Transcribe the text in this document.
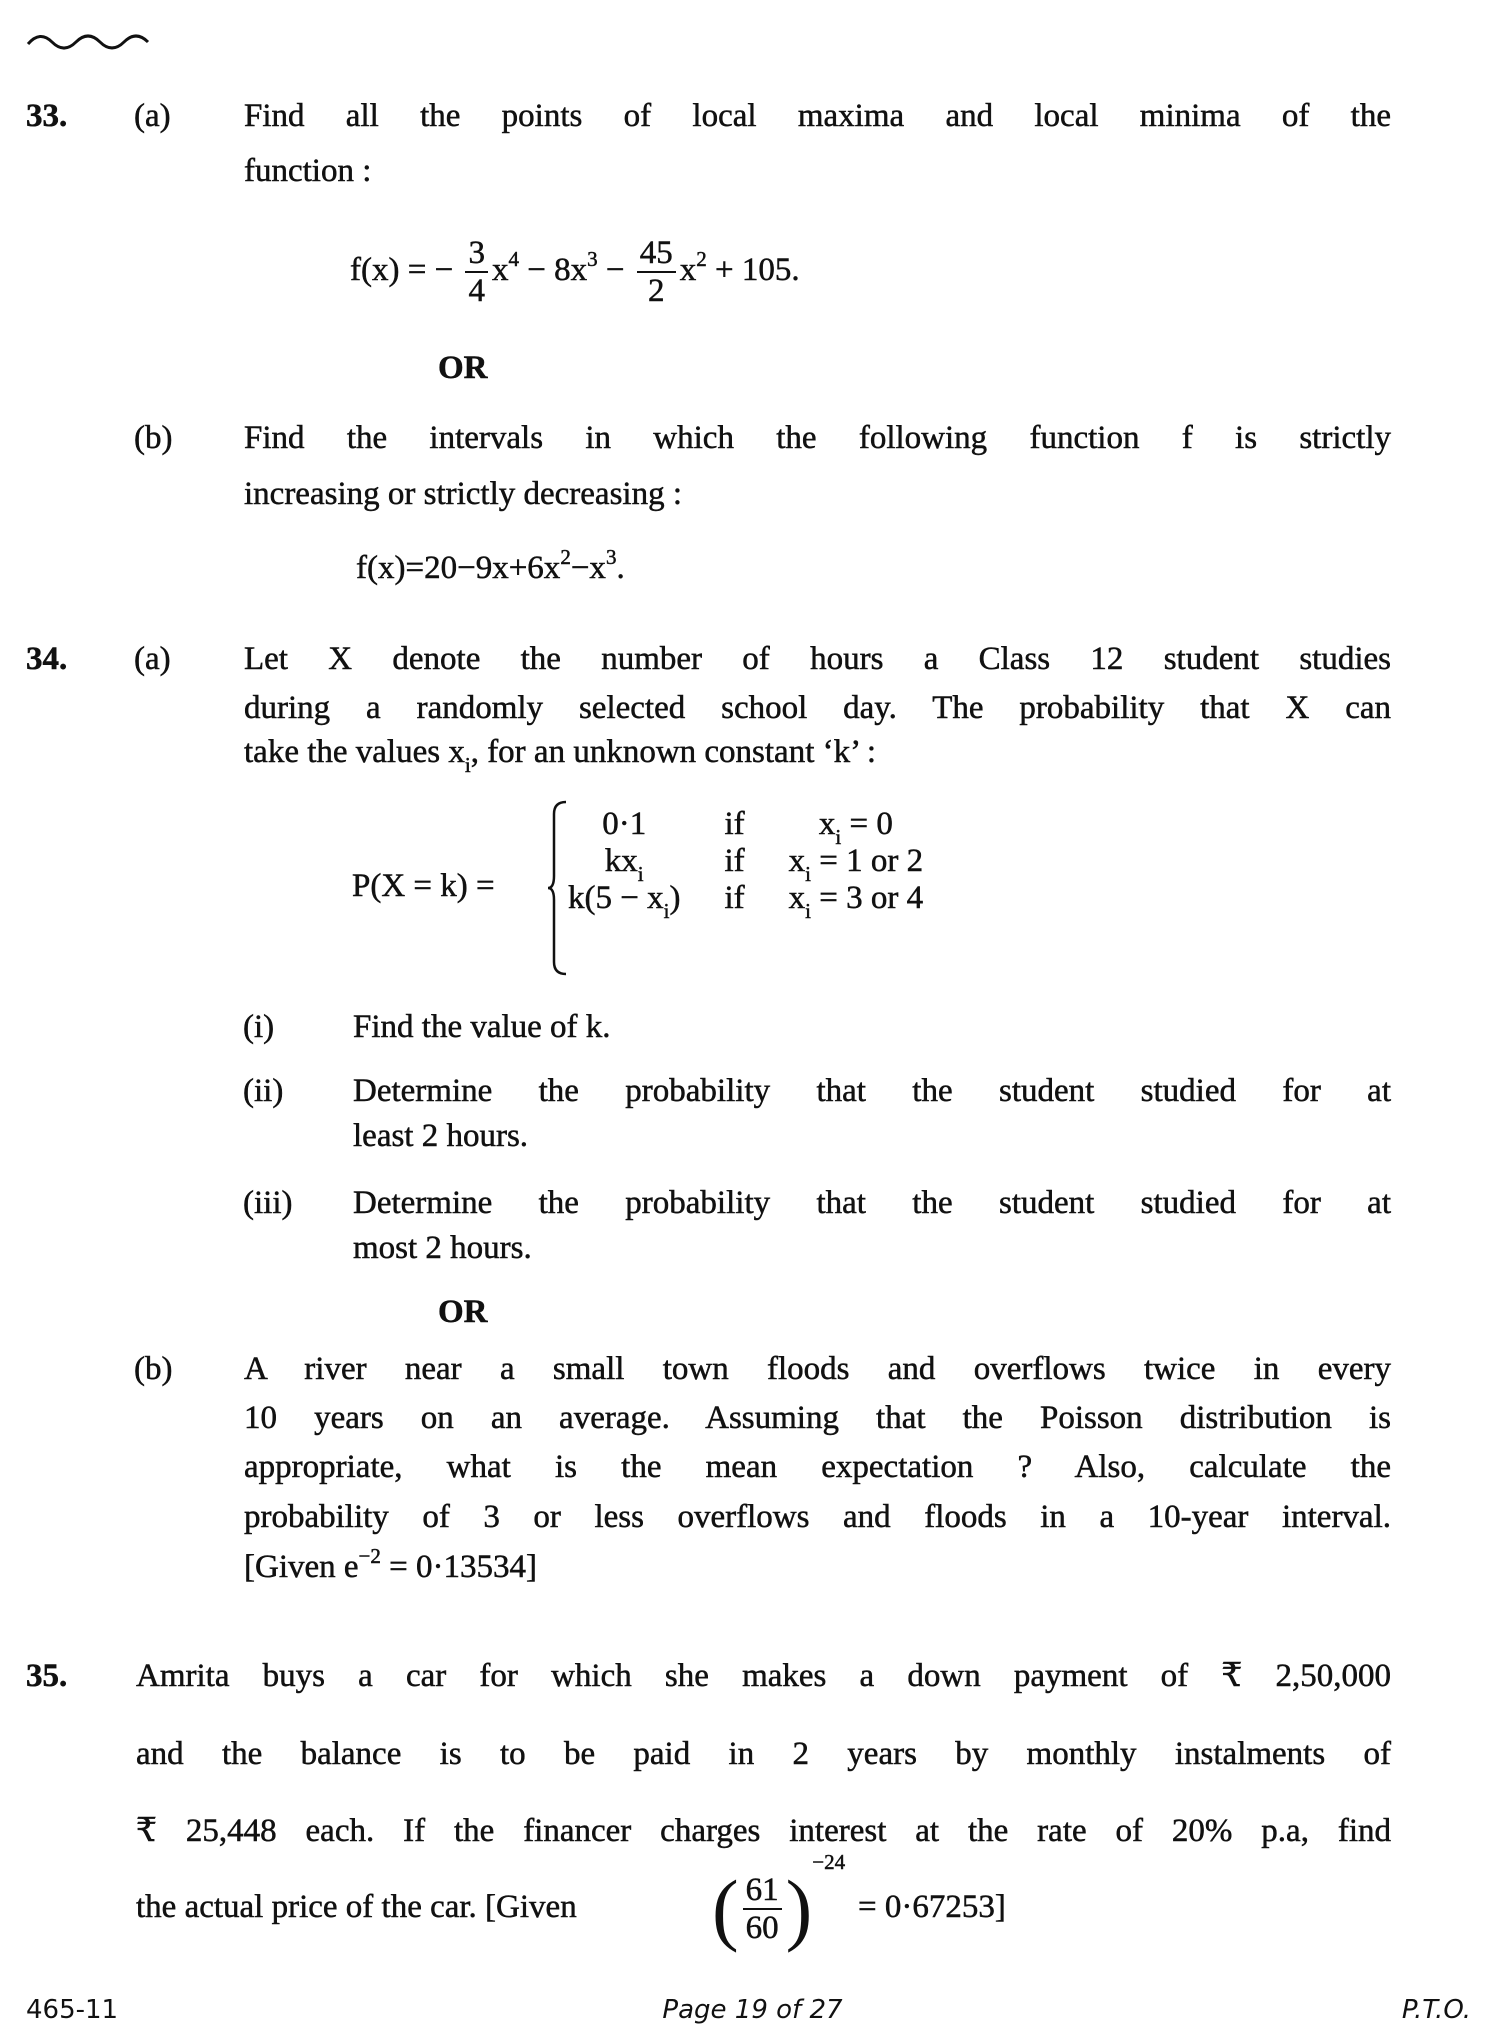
33. (a) Find all the points of local maxima and local minima of the
function :
f(x) = − $\frac{3}{4} x^4 - 8x^3 - \frac{45}{2} x^2 + 105$.
OR
(b) Find the intervals in which the following function f is strictly
increasing or strictly decreasing :
$f(x)=20-9x+6x^2-x^3$.
34. (a) Let X denote the number of hours a Class 12 student studies
during a randomly selected school day. The probability that X can
take the values $x_i$, for an unknown constant ‘k’ :
P(X = k) =
0·1	if	$x_i = 0$
$kx_i$	if	$x_i = 1$ or 2
$k(5 - x_i)$	if	$x_i = 3$ or 4
(i) Find the value of k.
(ii) Determine the probability that the student studied for at
least 2 hours.
(iii) Determine the probability that the student studied for at
most 2 hours.
OR
(b) A river near a small town floods and overflows twice in every
10 years on an average. Assuming that the Poisson distribution is
appropriate, what is the mean expectation ? Also, calculate the
probability of 3 or less overflows and floods in a 10-year interval.
[Given $e^{-2} = 0\cdot 13534$]
35. Amrita buys a car for which she makes a down payment of ₹ 2,50,000
and the balance is to be paid in 2 years by monthly instalments of
₹ 25,448 each. If the financer charges interest at the rate of 20% p.a, find
the actual price of the car. [Given ( $\frac{61}{60} )^{-24}$
= 0·67253]
465-11	Page 19 of 27	P.T.O.
